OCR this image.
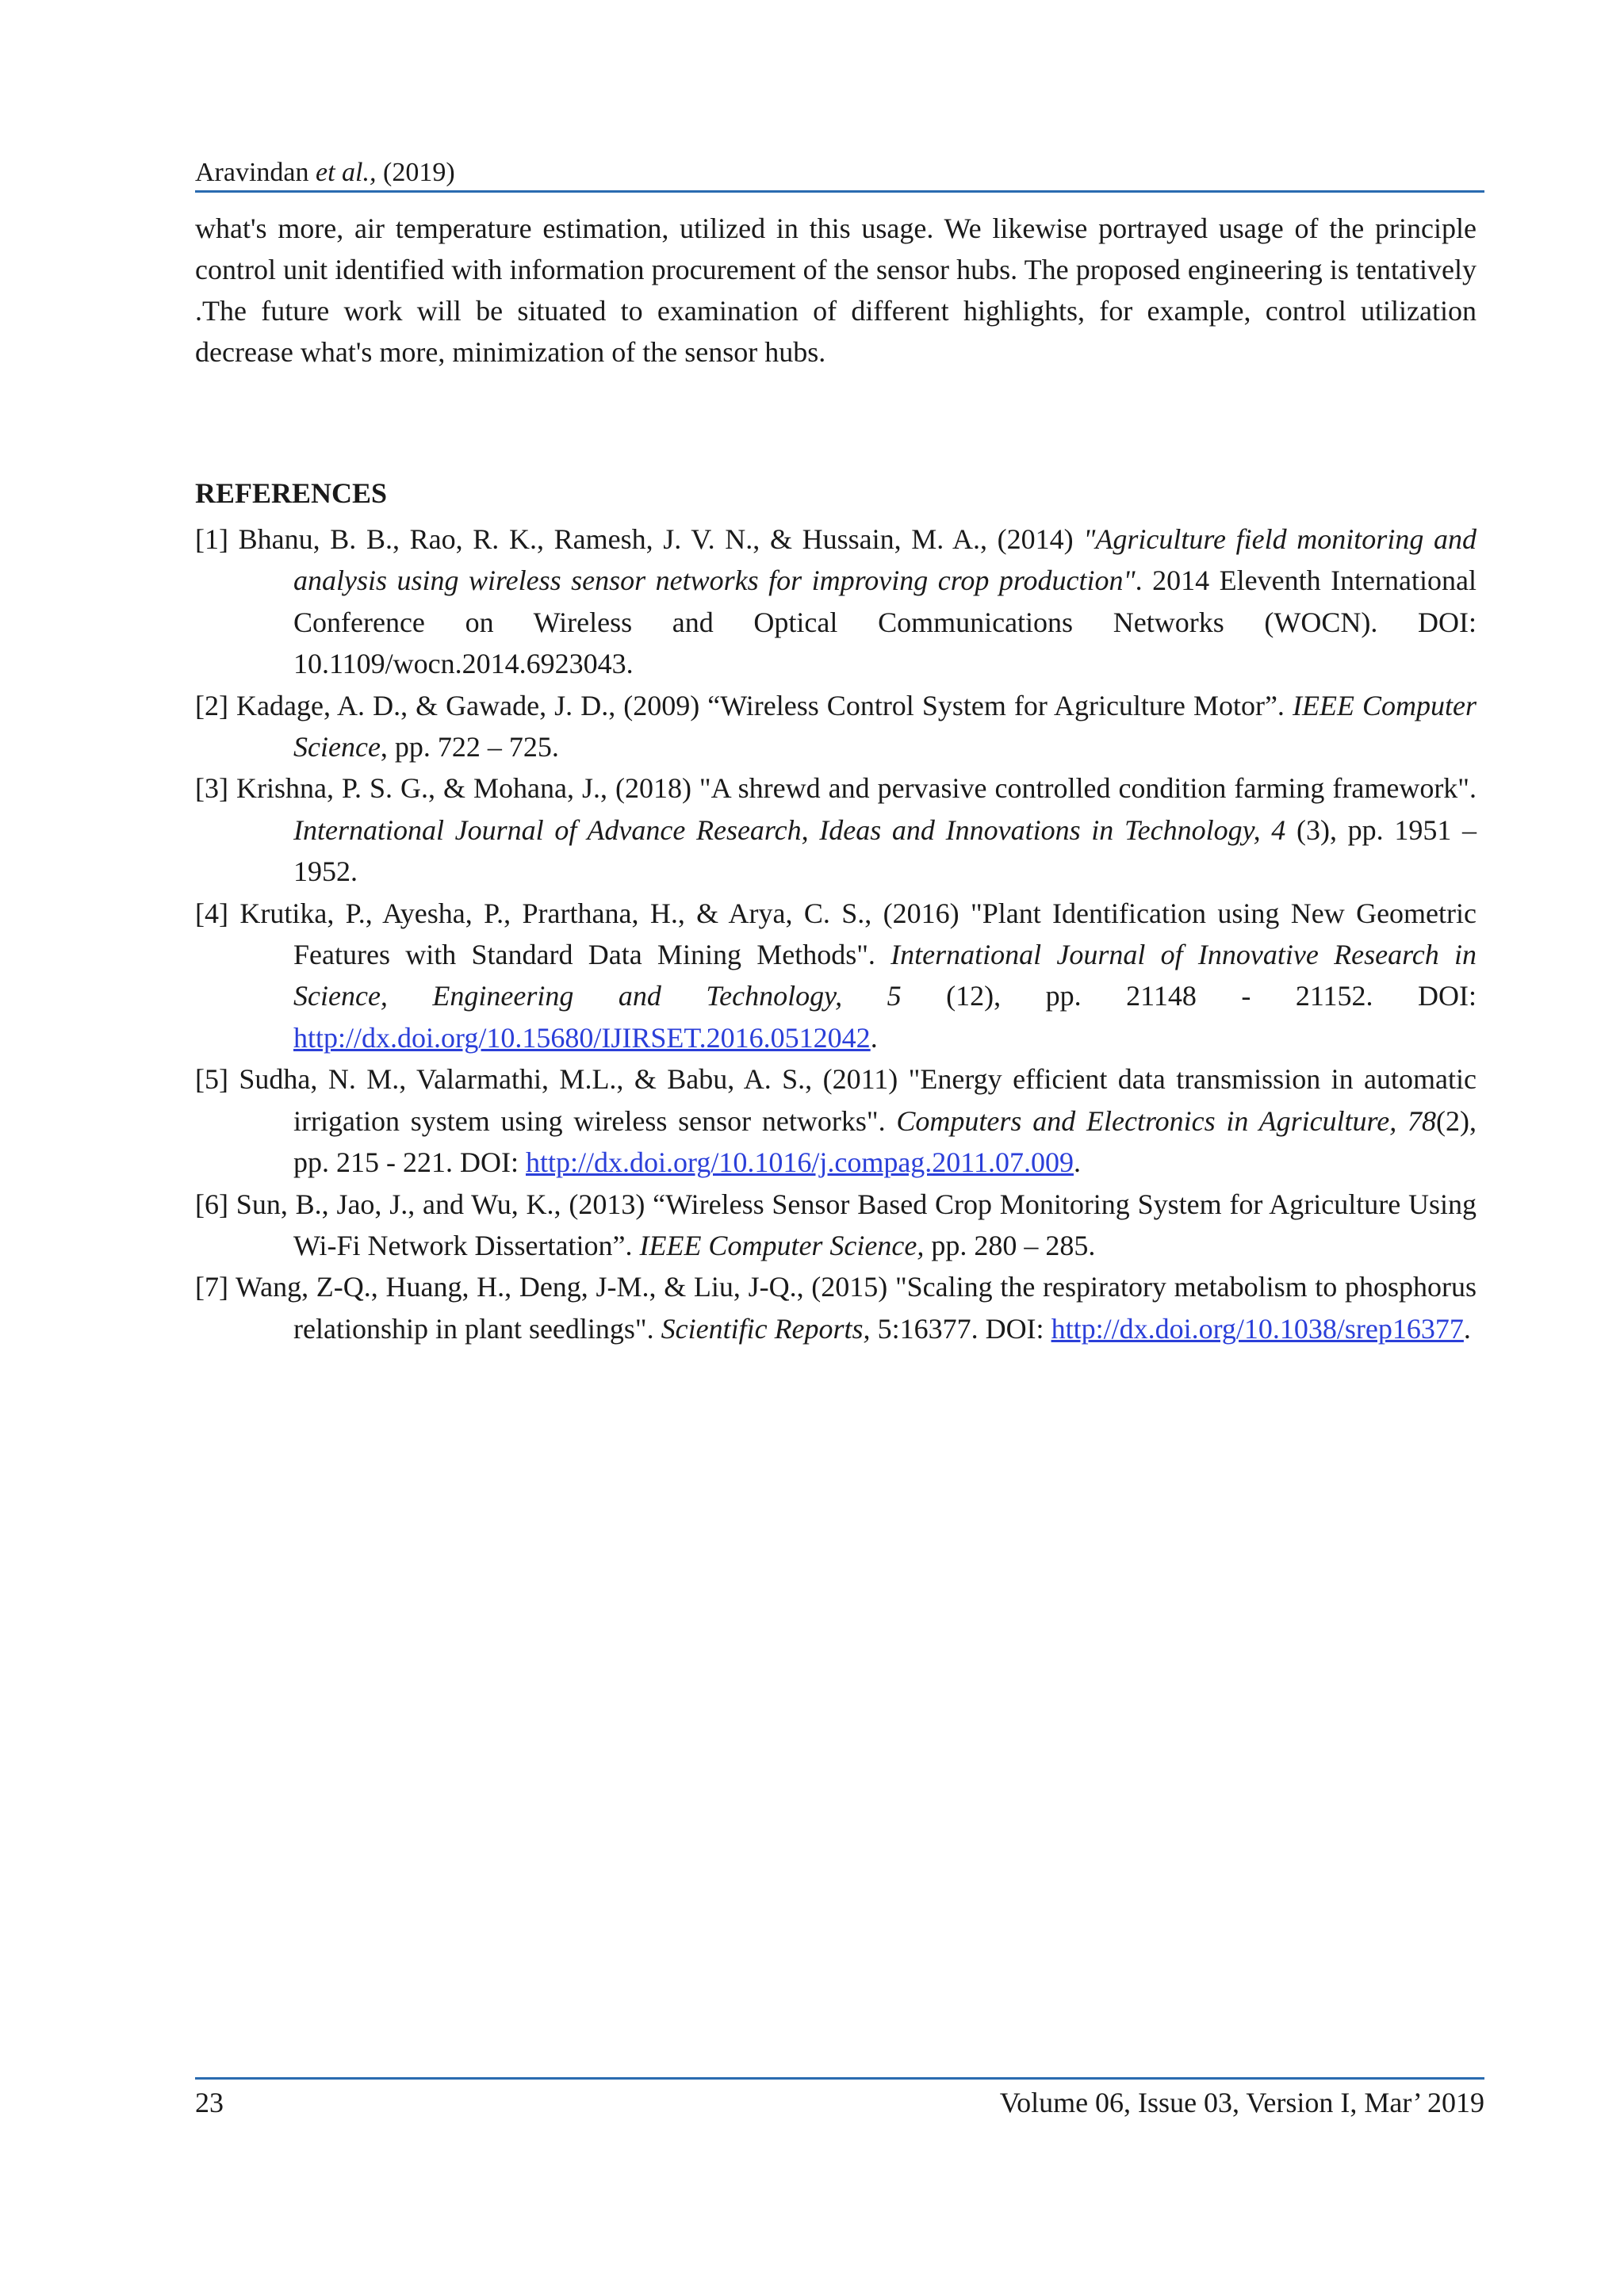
Aravindan et al., (2019)

what's more, air temperature estimation, utilized in this usage. We likewise portrayed usage of the principle control unit identified with information procurement of the sensor hubs. The proposed engineering is tentatively .The future work will be situated to examination of different highlights, for example, control utilization decrease what's more, minimization of the sensor hubs.

REFERENCES
[1] Bhanu, B. B., Rao, R. K., Ramesh, J. V. N., & Hussain, M. A., (2014) "Agriculture field monitoring and analysis using wireless sensor networks for improving crop production". 2014 Eleventh International Conference on Wireless and Optical Communications Networks (WOCN). DOI: 10.1109/wocn.2014.6923043.
[2] Kadage, A. D., & Gawade, J. D., (2009) “Wireless Control System for Agriculture Motor”. IEEE Computer Science, pp. 722 – 725.
[3] Krishna, P. S. G., & Mohana, J., (2018) "A shrewd and pervasive controlled condition farming framework". International Journal of Advance Research, Ideas and Innovations in Technology, 4 (3), pp. 1951 – 1952.
[4] Krutika, P., Ayesha, P., Prarthana, H., & Arya, C. S., (2016) "Plant Identification using New Geometric Features with Standard Data Mining Methods". International Journal of Innovative Research in Science, Engineering and Technology, 5 (12), pp. 21148 - 21152. DOI: http://dx.doi.org/10.15680/IJIRSET.2016.0512042.
[5] Sudha, N. M., Valarmathi, M.L., & Babu, A. S., (2011) "Energy efficient data transmission in automatic irrigation system using wireless sensor networks". Computers and Electronics in Agriculture, 78(2), pp. 215 - 221. DOI: http://dx.doi.org/10.1016/j.compag.2011.07.009.
[6] Sun, B., Jao, J., and Wu, K., (2013) “Wireless Sensor Based Crop Monitoring System for Agriculture Using Wi-Fi Network Dissertation”. IEEE Computer Science, pp. 280 – 285.
[7] Wang, Z-Q., Huang, H., Deng, J-M., & Liu, J-Q., (2015) "Scaling the respiratory metabolism to phosphorus relationship in plant seedlings". Scientific Reports, 5:16377. DOI: http://dx.doi.org/10.1038/srep16377.
23	Volume 06, Issue 03, Version I, Mar’ 2019
